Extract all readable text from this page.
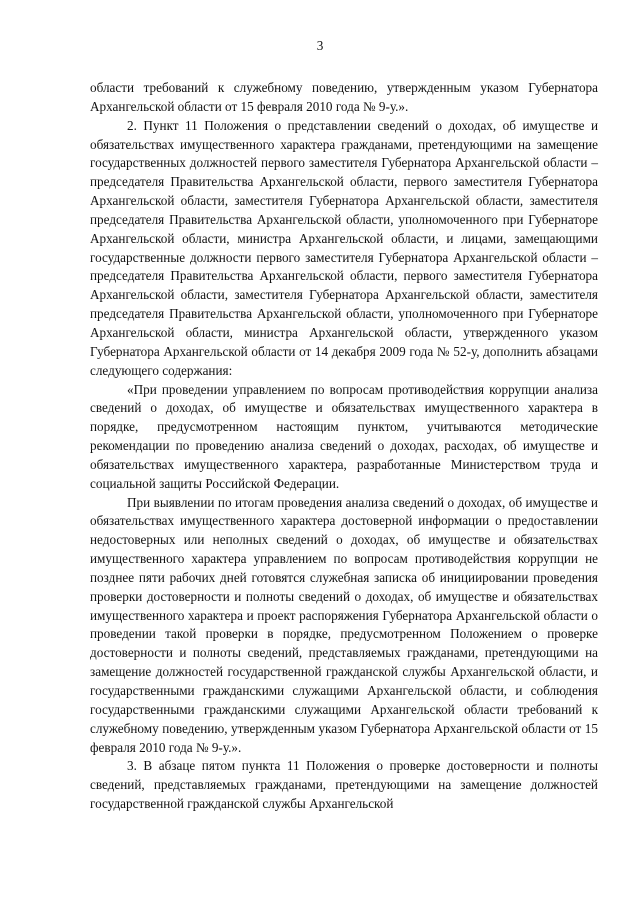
3

области требований к служебному поведению, утвержденным указом Губернатора Архангельской области от 15 февраля 2010 года № 9-у.».

2. Пункт 11 Положения о представлении сведений о доходах, об имуществе и обязательствах имущественного характера гражданами, претендующими на замещение государственных должностей первого заместителя Губернатора Архангельской области – председателя Правительства Архангельской области, первого заместителя Губернатора Архангельской области, заместителя Губернатора Архангельской области, заместителя председателя Правительства Архангельской области, уполномоченного при Губернаторе Архангельской области, министра Архангельской области, и лицами, замещающими государственные должности первого заместителя Губернатора Архангельской области – председателя Правительства Архангельской области, первого заместителя Губернатора Архангельской области, заместителя Губернатора Архангельской области, заместителя председателя Правительства Архангельской области, уполномоченного при Губернаторе Архангельской области, министра Архангельской области, утвержденного указом Губернатора Архангельской области от 14 декабря 2009 года № 52-у, дополнить абзацами следующего содержания:

«При проведении управлением по вопросам противодействия коррупции анализа сведений о доходах, об имуществе и обязательствах имущественного характера в порядке, предусмотренном настоящим пунктом, учитываются методические рекомендации по проведению анализа сведений о доходах, расходах, об имуществе и обязательствах имущественного характера, разработанные Министерством труда и социальной защиты Российской Федерации.

При выявлении по итогам проведения анализа сведений о доходах, об имуществе и обязательствах имущественного характера достоверной информации о предоставлении недостоверных или неполных сведений о доходах, об имуществе и обязательствах имущественного характера управлением по вопросам противодействия коррупции не позднее пяти рабочих дней готовятся служебная записка об инициировании проведения проверки достоверности и полноты сведений о доходах, об имуществе и обязательствах имущественного характера и проект распоряжения Губернатора Архангельской области о проведении такой проверки в порядке, предусмотренном Положением о проверке достоверности и полноты сведений, представляемых гражданами, претендующими на замещение должностей государственной гражданской службы Архангельской области, и государственными гражданскими служащими Архангельской области, и соблюдения государственными гражданскими служащими Архангельской области требований к служебному поведению, утвержденным указом Губернатора Архангельской области от 15 февраля 2010 года № 9-у.».

3. В абзаце пятом пункта 11 Положения о проверке достоверности и полноты сведений, представляемых гражданами, претендующими на замещение должностей государственной гражданской службы Архангельской
